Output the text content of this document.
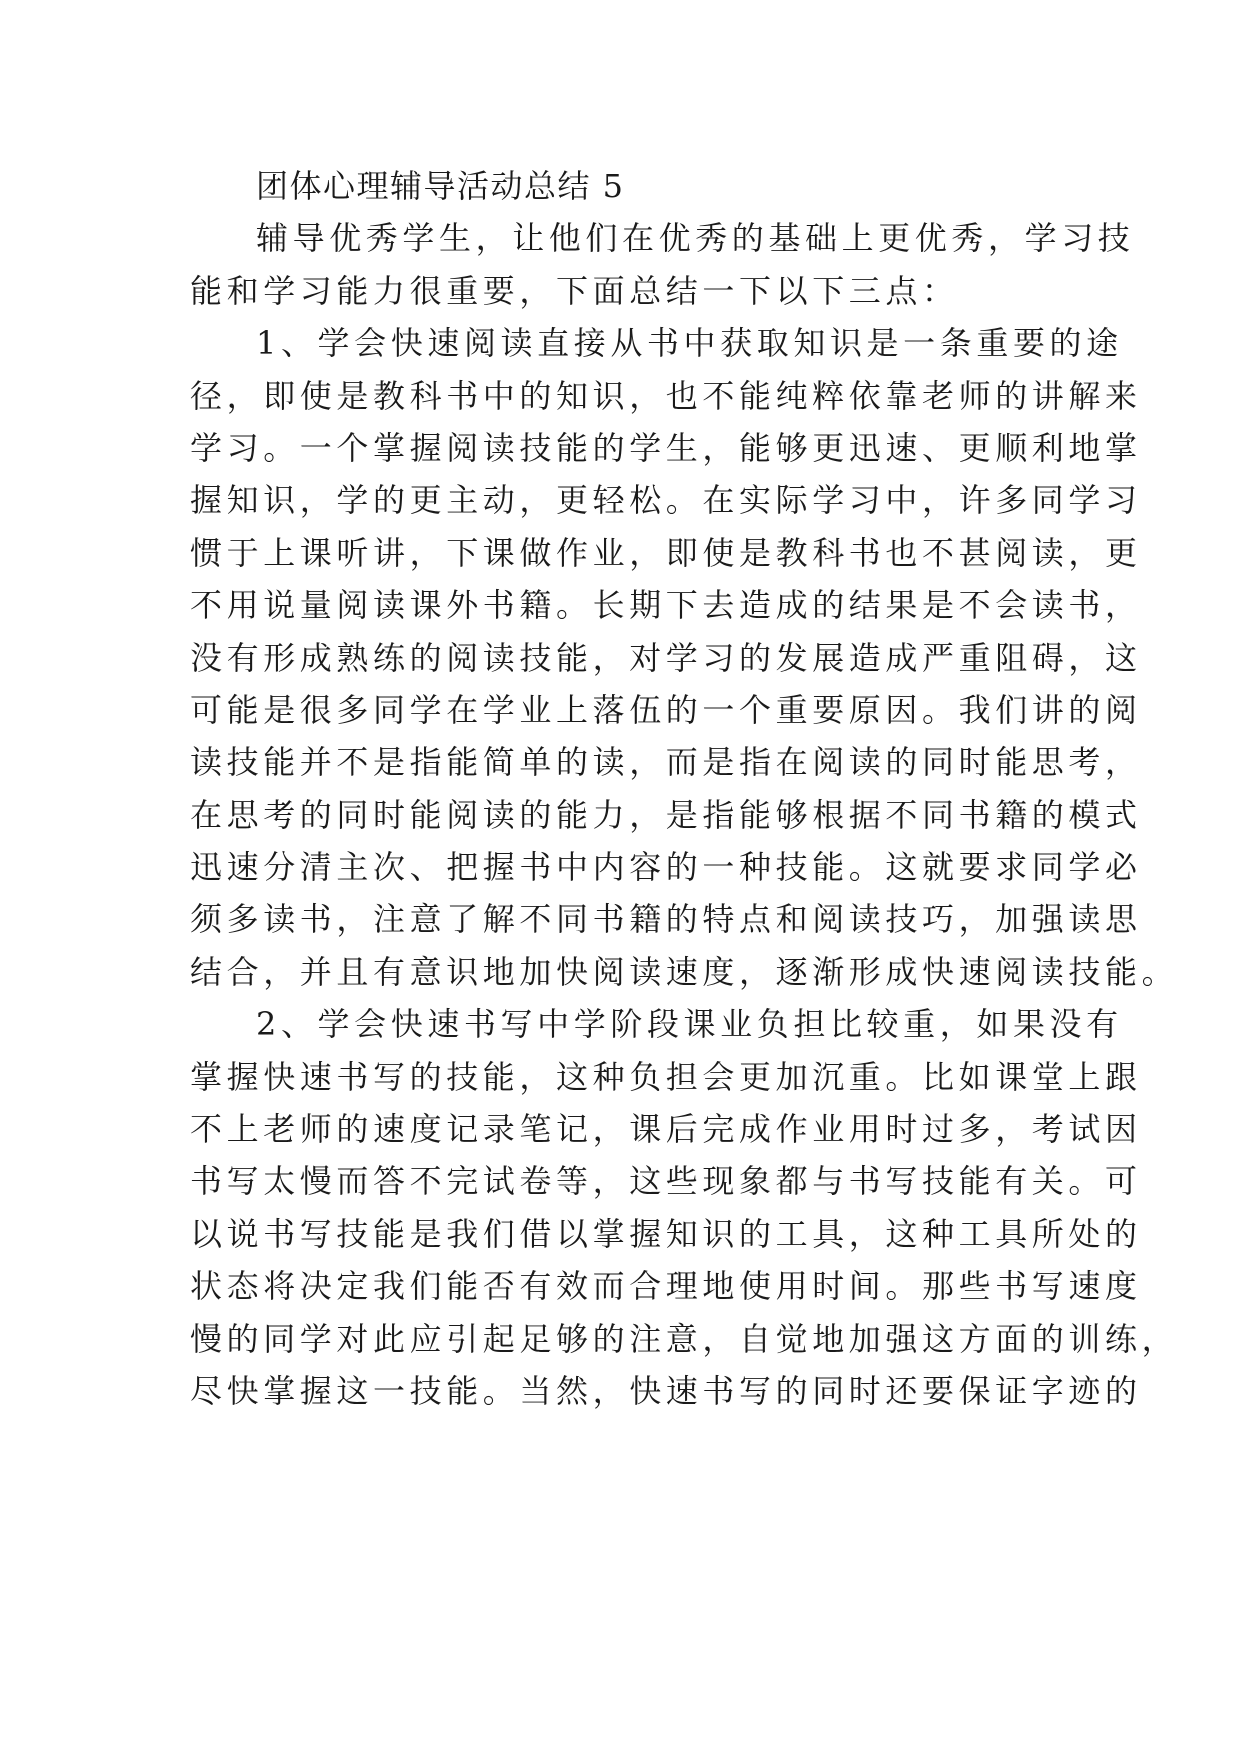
团体心理辅导活动总结 5

辅导优秀学生，让他们在优秀的基础上更优秀，学习技

能和学习能力很重要，下面总结一下以下三点：

1、学会快速阅读直接从书中获取知识是一条重要的途

径，即使是教科书中的知识，也不能纯粹依靠老师的讲解来

学习。一个掌握阅读技能的学生，能够更迅速、更顺利地掌

握知识，学的更主动，更轻松。在实际学习中，许多同学习

惯于上课听讲，下课做作业，即使是教科书也不甚阅读，更

不用说量阅读课外书籍。长期下去造成的结果是不会读书，

没有形成熟练的阅读技能，对学习的发展造成严重阻碍，这

可能是很多同学在学业上落伍的一个重要原因。我们讲的阅

读技能并不是指能简单的读，而是指在阅读的同时能思考，

在思考的同时能阅读的能力，是指能够根据不同书籍的模式

迅速分清主次、把握书中内容的一种技能。这就要求同学必

须多读书，注意了解不同书籍的特点和阅读技巧，加强读思

结合，并且有意识地加快阅读速度，逐渐形成快速阅读技能。

2、学会快速书写中学阶段课业负担比较重，如果没有

掌握快速书写的技能，这种负担会更加沉重。比如课堂上跟

不上老师的速度记录笔记，课后完成作业用时过多，考试因

书写太慢而答不完试卷等，这些现象都与书写技能有关。可

以说书写技能是我们借以掌握知识的工具，这种工具所处的

状态将决定我们能否有效而合理地使用时间。那些书写速度

慢的同学对此应引起足够的注意，自觉地加强这方面的训练，

尽快掌握这一技能。当然，快速书写的同时还要保证字迹的
